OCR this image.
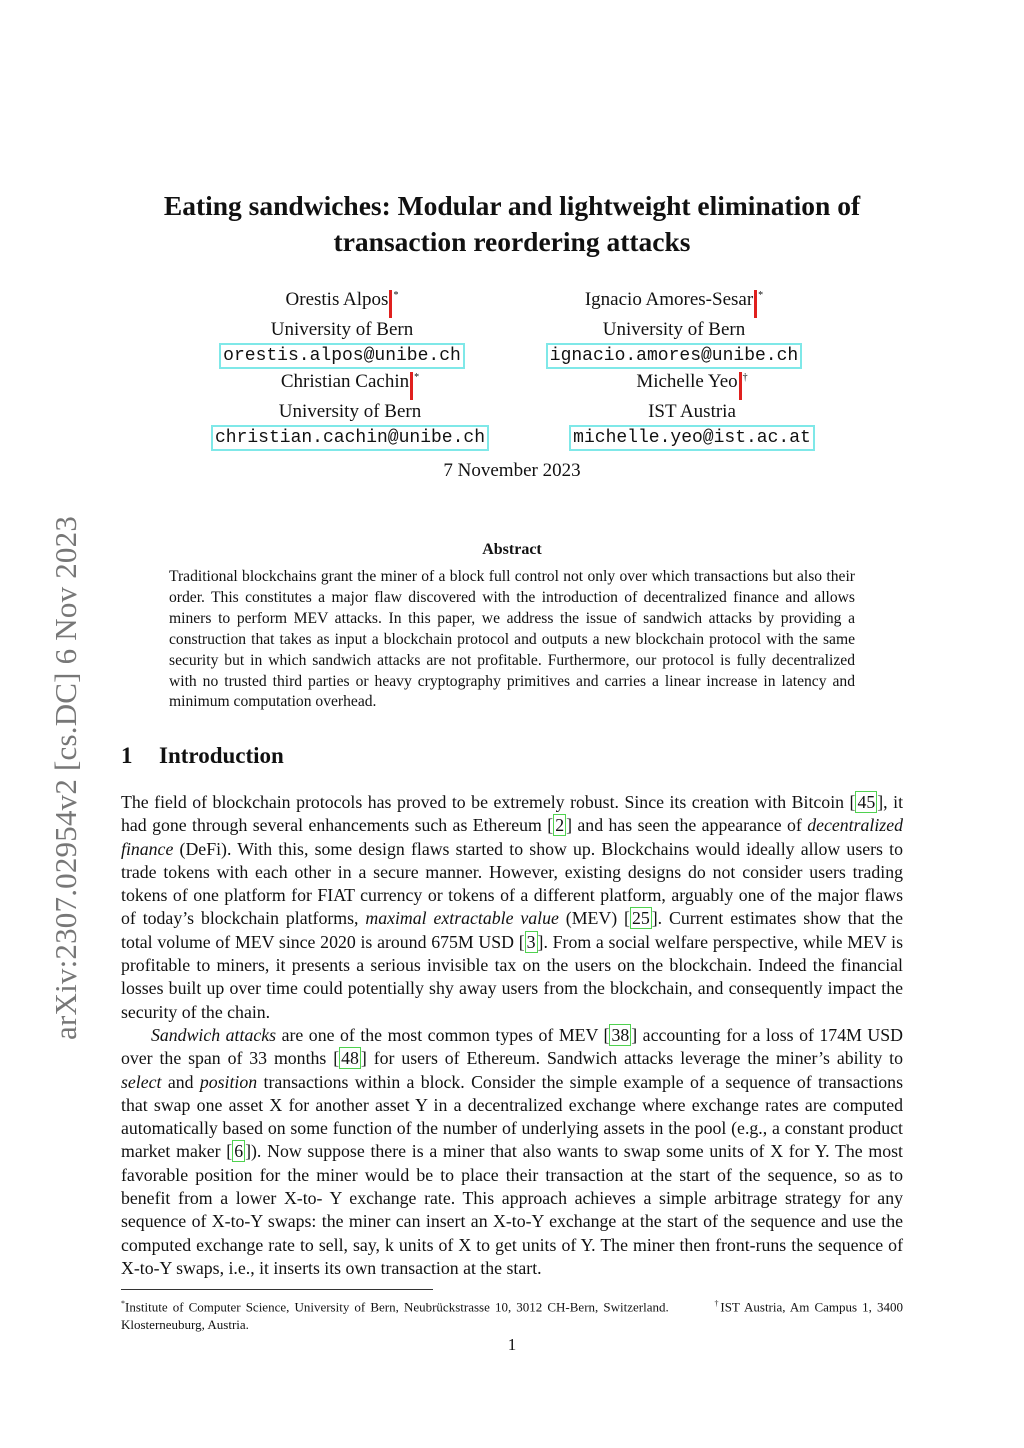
arXiv:2307.02954v2 [cs.DC] 6 Nov 2023
Eating sandwiches: Modular and lightweight elimination of
transaction reordering attacks
Orestis Alpos *
University of Bern
orestis.alpos@unibe.ch
Ignacio Amores-Sesar *
University of Bern
ignacio.amores@unibe.ch
Christian Cachin *
University of Bern
christian.cachin@unibe.ch
Michelle Yeo †
IST Austria
michelle.yeo@ist.ac.at
7 November 2023
Abstract
Traditional blockchains grant the miner of a block full control not only over which transactions but also their order. This constitutes a major flaw discovered with the introduction of decentralized finance and allows miners to perform MEV attacks. In this paper, we address the issue of sandwich attacks by providing a construction that takes as input a blockchain protocol and outputs a new blockchain protocol with the same security but in which sandwich attacks are not profitable. Furthermore, our protocol is fully decentralized with no trusted third parties or heavy cryptography primitives and carries a linear increase in latency and minimum computation overhead.
1 Introduction

The field of blockchain protocols has proved to be extremely robust. Since its creation with Bitcoin [ 45 ], it had gone through several enhancements such as Ethereum [ 2 ] and has seen the appearance of decentralized finance (DeFi). With this, some design flaws started to show up. Blockchains would ideally allow users to trade tokens with each other in a secure manner. However, existing designs do not consider users trading tokens of one platform for FIAT currency or tokens of a different platform, arguably one of the major flaws of today’s blockchain platforms, maximal extractable value (MEV) [ 25 ]. Current estimates show that the total volume of MEV since 2020 is around 675M USD [ 3 ]. From a social welfare perspective, while MEV is profitable to miners, it presents a serious invisible tax on the users on the blockchain. Indeed the financial losses built up over time could potentially shy away users from the blockchain, and consequently impact the security of the chain.

Sandwich attacks are one of the most common types of MEV [ 38 ] accounting for a loss of 174M USD over the span of 33 months [ 48 ] for users of Ethereum. Sandwich attacks leverage the miner’s ability to select and position transactions within a block. Consider the simple example of a sequence of transactions that swap one asset X for another asset Y in a decentralized exchange where exchange rates are computed automatically based on some function of the number of underlying assets in the pool (e.g., a constant product market maker [ 6 ]). Now suppose there is a miner that also wants to swap some units of X for Y. The most favorable position for the miner would be to place their transaction at the start of the sequence, so as to benefit from a lower X-to- Y exchange rate. This approach achieves a simple arbitrage strategy for any sequence of X-to-Y swaps: the miner can insert an X-to-Y exchange at the start of the sequence and use the computed exchange rate to sell, say, k units of X to get units of Y. The miner then front-runs the sequence of X-to-Y swaps, i.e., it inserts its own transaction at the start.

*Institute of Computer Science, University of Bern, Neubrückstrasse 10, 3012 CH-Bern, Switzerland.	†IST Austria, Am Campus 1, 3400 Klosterneuburg, Austria.
1
